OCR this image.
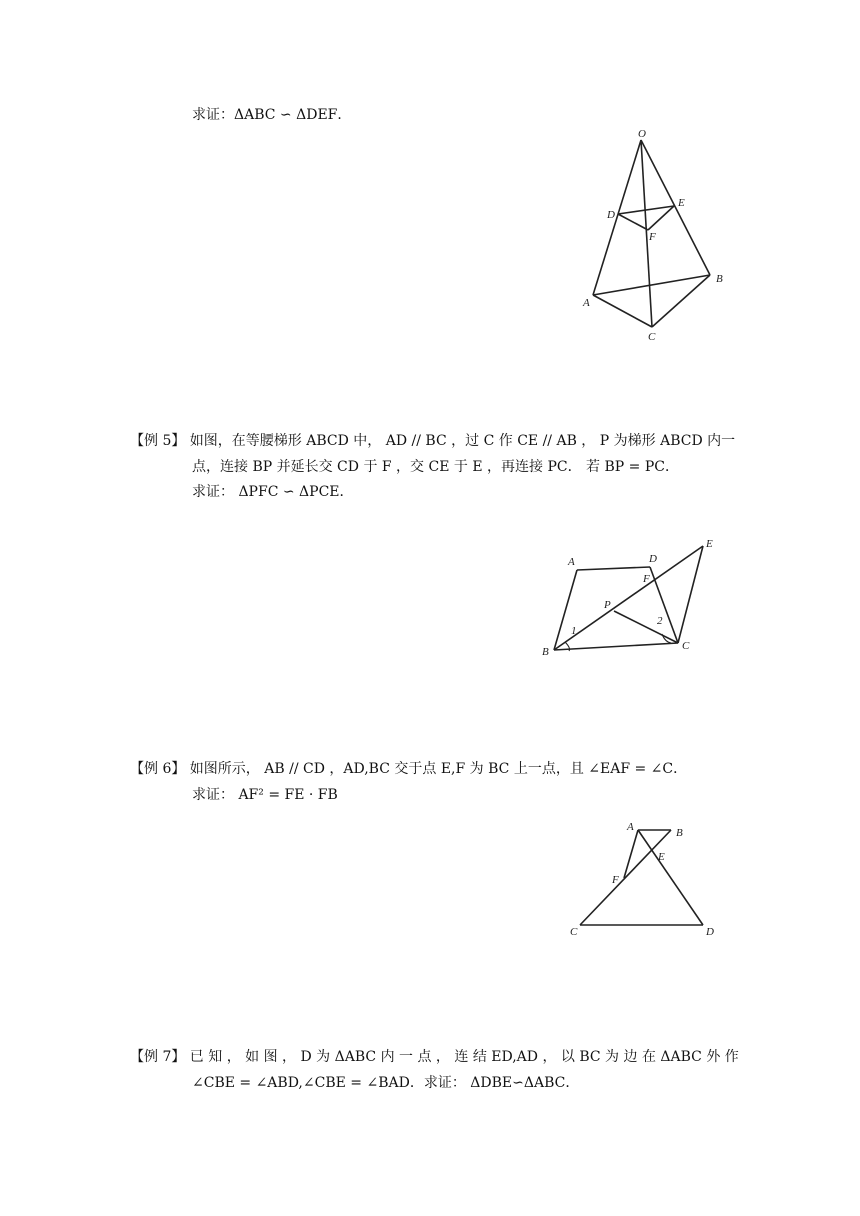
求证：ΔABC ∽ ΔDEF．
【例 5】 如图，在等腰梯形 ABCD 中， AD // BC ，过 C 作 CE // AB ， P 为梯形 ABCD 内一
点，连接 BP 并延长交 CD 于 F ，交 CE 于 E ，再连接 PC． 若 BP = PC．
求证： ΔPFC ∽ ΔPCE．
【例 6】 如图所示， AB // CD ，AD,BC 交于点 E,F 为 BC 上一点，且 ∠EAF = ∠C．
求证： AF² = FE · FB
【例 7】 已 知 ， 如 图 ， D 为 ΔABC 内 一 点 ， 连 结 ED,AD ， 以 BC 为 边 在 ΔABC 外 作
∠CBE = ∠ABD,∠CBE = ∠BAD．求证： ΔDBE∽ΔABC．
O
D
E
F
A
B
C
A	D
E
F
P
B	C
1
2
A	B
E
F
C	D
